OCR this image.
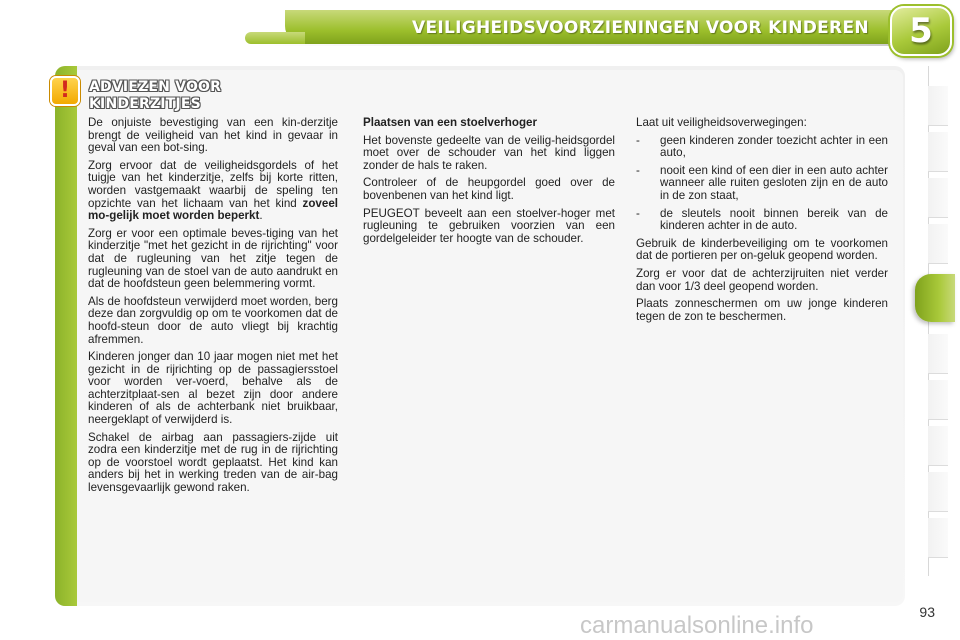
VEILIGHEIDSVOORZIENINGEN VOOR KINDEREN	5
! ADVIEZEN VOOR
KINDERZITJES

De onjuiste bevestiging van een kin-derzitje brengt de veiligheid van het kind in gevaar in geval van een bot-sing.

Zorg ervoor dat de veiligheidsgordels of het tuigje van het kinderzitje, zelfs bij korte ritten, worden vastgemaakt waarbij de speling ten opzichte van het lichaam van het kind zoveel mo-gelijk moet worden beperkt.

Zorg er voor een optimale beves-tiging van het kinderzitje "met het gezicht in de rijrichting" voor dat de rugleuning van het zitje tegen de rugleuning van de stoel van de auto aandrukt en dat de hoofdsteun geen belemmering vormt.

Als de hoofdsteun verwijderd moet worden, berg deze dan zorgvuldig op om te voorkomen dat de hoofd-steun door de auto vliegt bij krachtig afremmen.

Kinderen jonger dan 10 jaar mogen niet met het gezicht in de rijrichting op de passagiersstoel voor worden ver-voerd, behalve als de achterzitplaat-sen al bezet zijn door andere kinderen of als de achterbank niet bruikbaar, neergeklapt of verwijderd is.

Schakel de airbag aan passagiers-zijde uit zodra een kinderzitje met de rug in de rijrichting op de voorstoel wordt geplaatst. Het kind kan anders bij het in werking treden van de air-bag levensgevaarlijk gewond raken.

Plaatsen van een stoelverhoger

Het bovenste gedeelte van de veilig-heidsgordel moet over de schouder van het kind liggen zonder de hals te raken.

Controleer of de heupgordel goed over de bovenbenen van het kind ligt.

PEUGEOT beveelt aan een stoelver-hoger met rugleuning te gebruiken voorzien van een gordelgeleider ter hoogte van de schouder.

Laat uit veiligheidsoverwegingen:

-	geen kinderen zonder toezicht achter in een auto,
-	nooit een kind of een dier in een auto achter wanneer alle ruiten gesloten zijn en de auto in de zon staat,
-	de sleutels nooit binnen bereik van de kinderen achter in de auto.

Gebruik de kinderbeveiliging om te voorkomen dat de portieren per on-geluk geopend worden.

Zorg er voor dat de achterzijruiten niet verder dan voor 1/3 deel geopend worden.

Plaats zonneschermen om uw jonge kinderen tegen de zon te beschermen.

93
carmanualsonline.info
